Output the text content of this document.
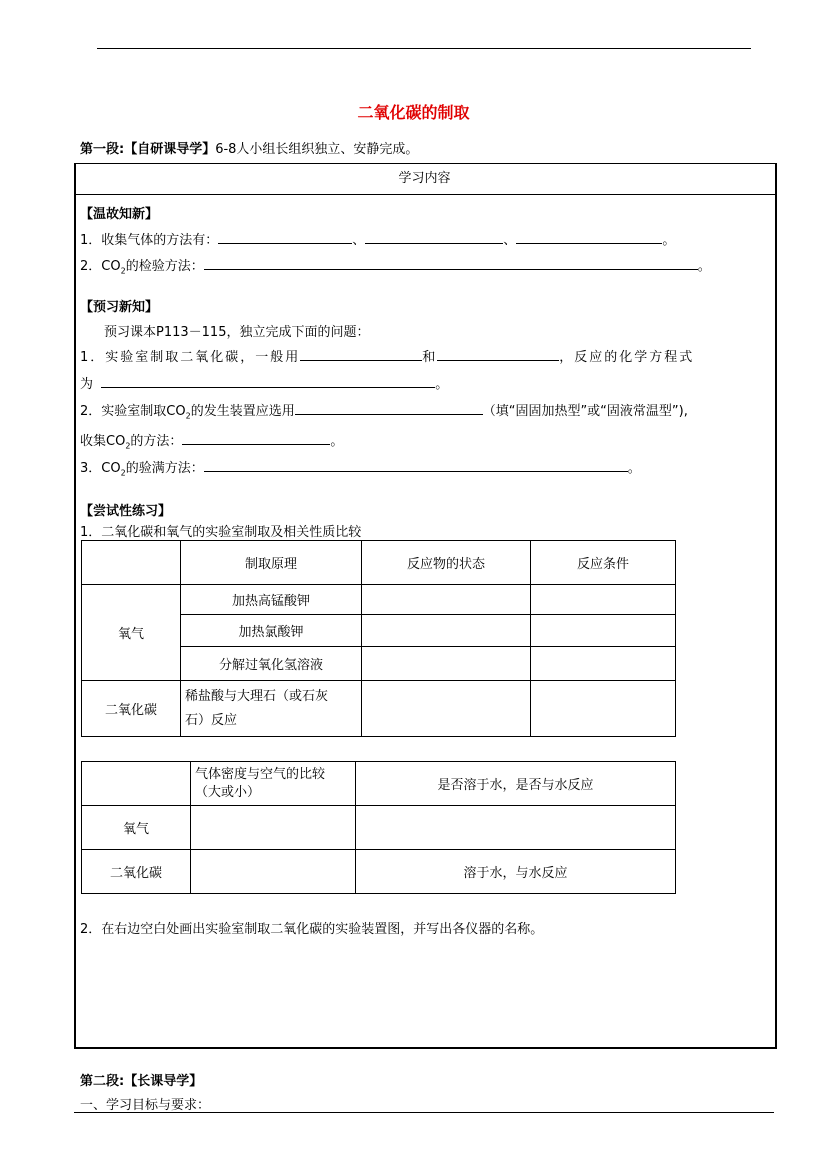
二氧化碳的制取
第一段:【自研课导学】6-8人小组长组织独立、安静完成。
学习内容
【温故知新】
1．收集气体的方法有：	、	、	。
2．$CO_2$的检验方法：	。
【预习新知】
预习课本P113－115，独立完成下面的问题：
1．实验室制取二氧化碳，一般用	和	，反应的化学方程式
为	。
2．实验室制取$CO_2$的发生装置应选用	（填“固固加热型”或“固液常温型”),
收集$CO_2$的方法：	。
3．$CO_2$的验满方法：	。
【尝试性练习】
1．二氧化碳和氧气的实验室制取及相关性质比较
	制取原理	反应物的状态	反应条件
氧气	加热高锰酸钾		
	加热氯酸钾		
	分解过氧化氢溶液		
二氧化碳	稀盐酸与大理石（或石灰
石）反应		
	气体密度与空气的比较
（大或小）	是否溶于水，是否与水反应
氧气		
二氧化碳		溶于水，与水反应
2．在右边空白处画出实验室制取二氧化碳的实验装置图，并写出各仪器的名称。
第二段:【长课导学】
一、学习目标与要求：
